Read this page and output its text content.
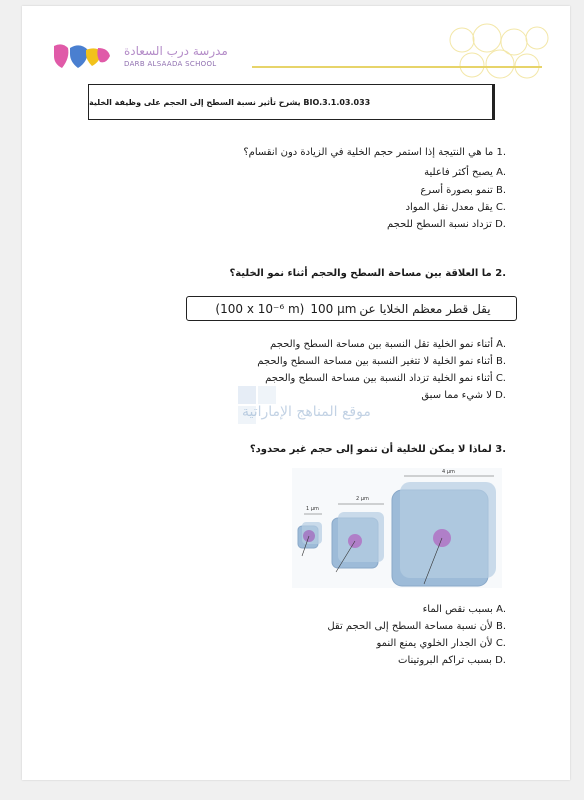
مدرسة درب السعادة
DARB ALSAADA SCHOOL
BIO.3.1.03.033 يشرح تأثير نسبة السطح إلى الحجم على وظيفة الخلية
1. ما هي النتيجة إذا استمر حجم الخلية في الزيادة دون انقسام؟
A. يصبح أكثر فاعلية
B. تنمو بصورة أسرع
C. يقل معدل نقل المواد
D. تزداد نسبة السطح للحجم
2. ما العلاقة بين مساحة السطح والحجم أثناء نمو الخلية؟
يقل قطر معظم الخلايا عن
100 µm
(100 x 10⁻⁶ m)
A. أثناء نمو الخلية تقل النسبة بين مساحة السطح والحجم
B. أثناء نمو الخلية لا تتغير النسبة بين مساحة السطح والحجم
C. أثناء نمو الخلية تزداد النسبة بين مساحة السطح والحجم
D. لا شيء مما سبق
موقع المناهج الإماراتية
3. لماذا لا يمكن للخلية أن تنمو إلى حجم غير محدود؟
1 µm
2 µm
4 µm
A. بسبب نقص الماء
B. لأن نسبة مساحة السطح إلى الحجم تقل
C. لأن الجدار الخلوي يمنع النمو
D. بسبب تراكم البروتينات
